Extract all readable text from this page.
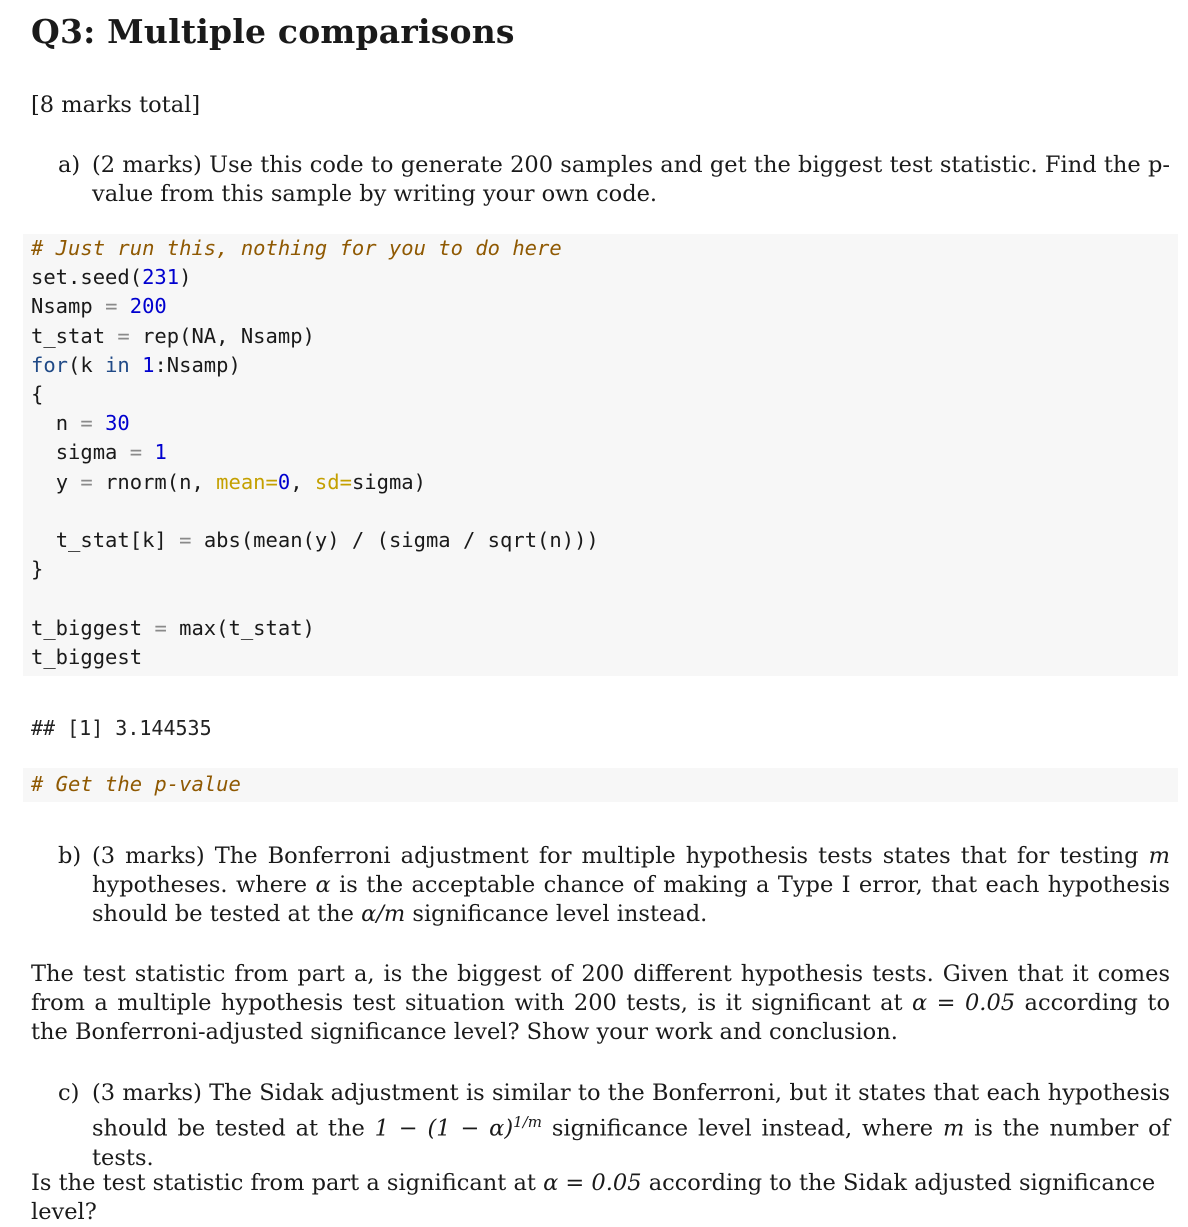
Q3: Multiple comparisons
[8 marks total]
a) (2 marks) Use this code to generate 200 samples and get the biggest test statistic. Find the p-value from this sample by writing your own code.
# Just run this, nothing for you to do here
set.seed(231)
Nsamp = 200
t_stat = rep(NA, Nsamp)
for(k in 1:Nsamp)
{
n = 30
sigma = 1
y = rnorm(n, mean=0, sd=sigma)

t_stat[k] = abs(mean(y) / (sigma / sqrt(n)))
}

t_biggest = max(t_stat)
t_biggest
## [1] 3.144535
# Get the p-value
b) (3 marks) The Bonferroni adjustment for multiple hypothesis tests states that for testing m hypotheses. where α is the acceptable chance of making a Type I error, that each hypothesis should be tested at the α/m significance level instead.
The test statistic from part a, is the biggest of 200 different hypothesis tests. Given that it comes from a multiple hypothesis test situation with 200 tests, is it significant at α = 0.05 according to the Bonferroni-adjusted significance level? Show your work and conclusion.
c) (3 marks) The Sidak adjustment is similar to the Bonferroni, but it states that each hypothesis should be tested at the $1 - (1 - \alpha)^{1/m}$ significance level instead, where m is the number of tests.
Is the test statistic from part a significant at α = 0.05 according to the Sidak adjusted significance level?
